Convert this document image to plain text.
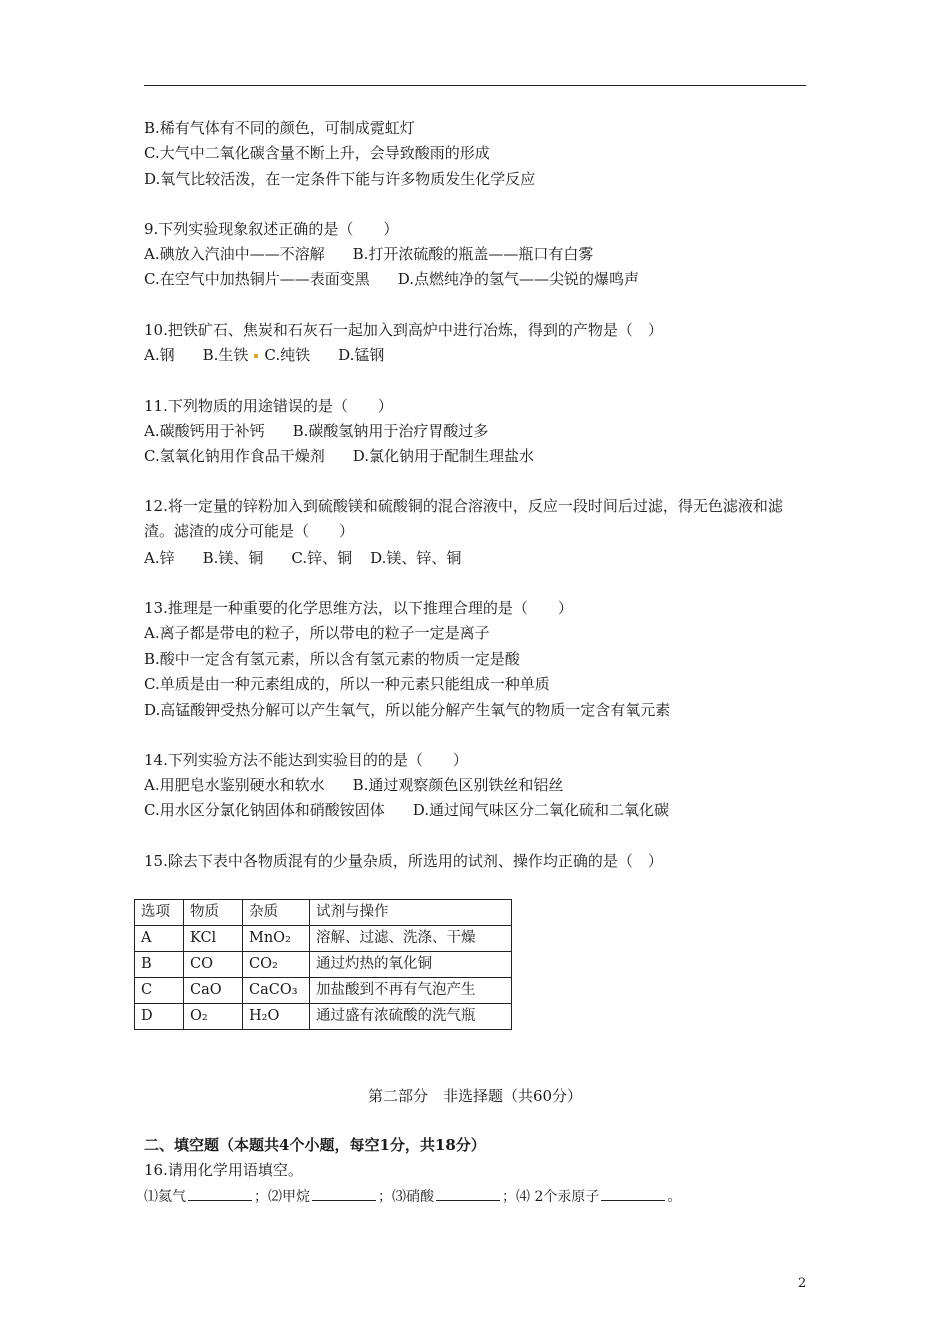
B.稀有气体有不同的颜色，可制成霓虹灯
C.大气中二氧化碳含量不断上升，会导致酸雨的形成
D.氧气比较活泼，在一定条件下能与许多物质发生化学反应
9.下列实验现象叙述正确的是（　　）
A.碘放入汽油中——不溶解 B.打开浓硫酸的瓶盖——瓶口有白雾
C.在空气中加热铜片——表面变黑 D.点燃纯净的氢气——尖锐的爆鸣声
10.把铁矿石、焦炭和石灰石一起加入到高炉中进行冶炼，得到的产物是（　）
A.钢 B.生铁 C.纯铁 D.锰钢
11.下列物质的用途错误的是（　　）
A.碳酸钙用于补钙 B.碳酸氢钠用于治疗胃酸过多
C.氢氧化钠用作食品干燥剂 D.氯化钠用于配制生理盐水
12.将一定量的锌粉加入到硫酸镁和硫酸铜的混合溶液中，反应一段时间后过滤，得无色滤液和滤渣。滤渣的成分可能是（　　）
A.锌 B.镁、铜 C.锌、铜 D.镁、锌、铜
13.推理是一种重要的化学思维方法，以下推理合理的是（　　）
A.离子都是带电的粒子，所以带电的粒子一定是离子
B.酸中一定含有氢元素，所以含有氢元素的物质一定是酸
C.单质是由一种元素组成的，所以一种元素只能组成一种单质
D.高锰酸钾受热分解可以产生氧气，所以能分解产生氧气的物质一定含有氧元素
14.下列实验方法不能达到实验目的的是（　　）
A.用肥皂水鉴别硬水和软水 B.通过观察颜色区别铁丝和铝丝
C.用水区分氯化钠固体和硝酸铵固体 D.通过闻气味区分二氧化硫和二氧化碳
15.除去下表中各物质混有的少量杂质，所选用的试剂、操作均正确的是（　）
选项	物质	杂质	试剂与操作
A	KCl	MnO₂	溶解、过滤、洗涤、干燥
B	CO	CO₂	通过灼热的氧化铜
C	CaO	CaCO₃	加盐酸到不再有气泡产生
D	O₂	H₂O	通过盛有浓硫酸的洗气瓶
第二部分　非选择题（共60分）
二、填空题（本题共4个小题，每空1分，共18分）
16.请用化学用语填空。
⑴氦气	；⑵甲烷	；⑶硝酸	；⑷ 2个汞原子	。
2
